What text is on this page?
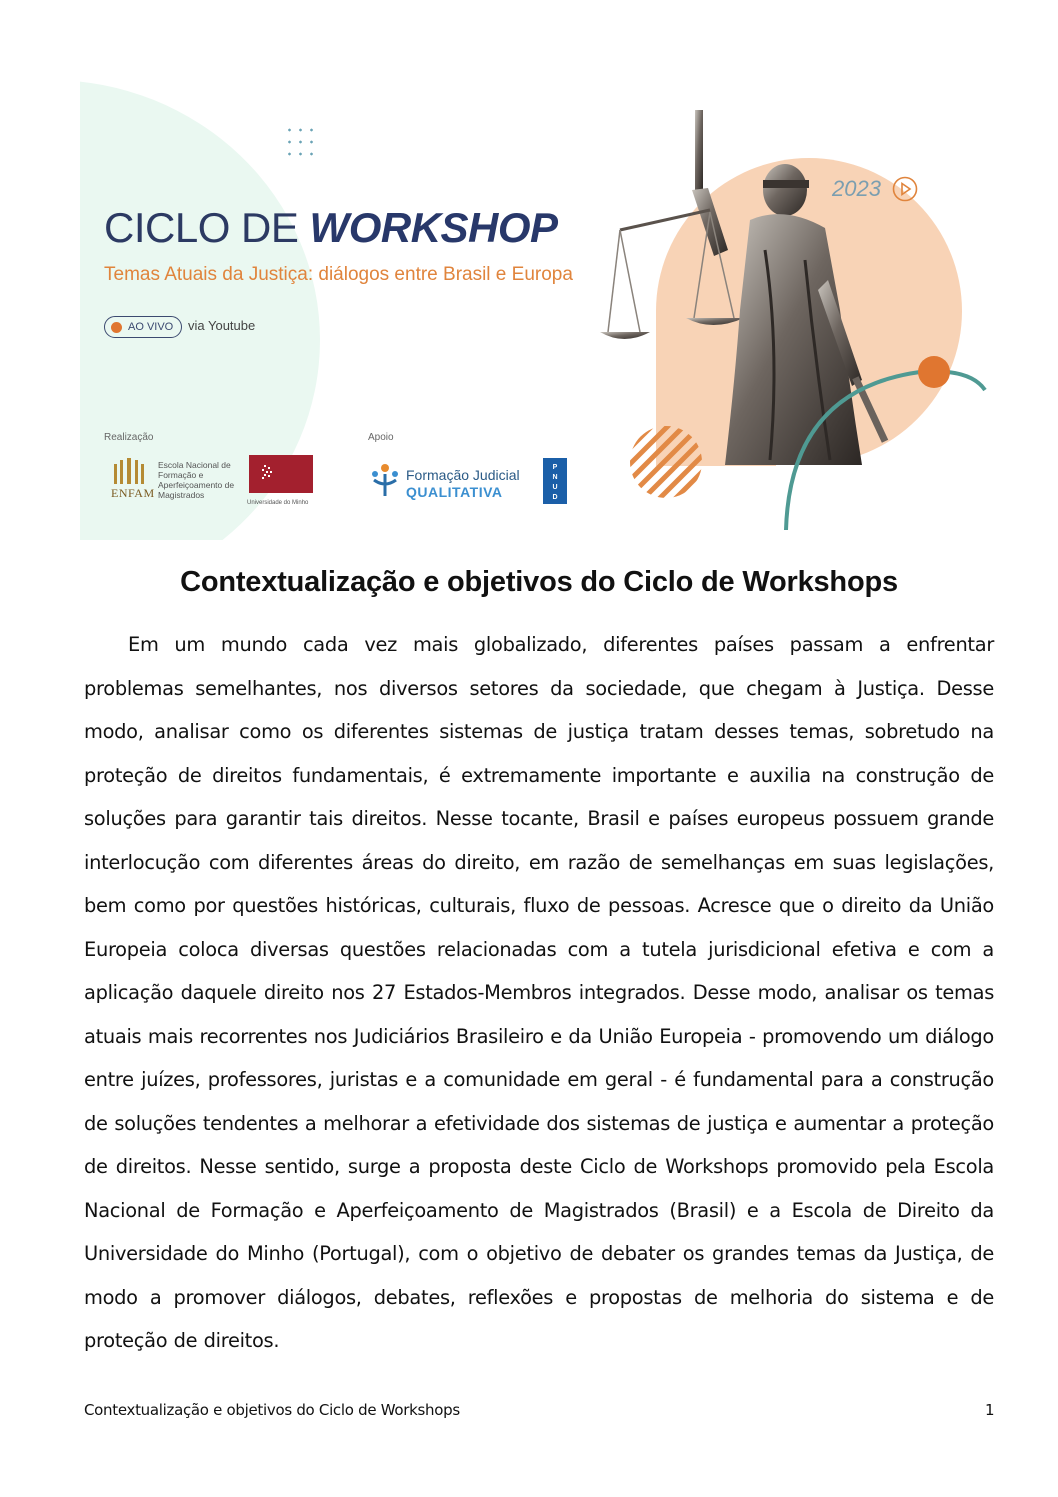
CICLO DE WORKSHOP
Temas Atuais da Justiça: diálogos entre Brasil e Europa
AO VIVO via Youtube
2023
Realização	Apoio
ENFAM
Escola Nacional de Formação e Aperfeiçoamento de Magistrados
Universidade do Minho
Formação Judicial
QUALITATIVA
P
N
U
D
Contextualização e objetivos do Ciclo de Workshops

Em um mundo cada vez mais globalizado, diferentes países passam a enfrentar problemas semelhantes, nos diversos setores da sociedade, que chegam à Justiça. Desse modo, analisar como os diferentes sistemas de justiça tratam desses temas, sobretudo na proteção de direitos fundamentais, é extremamente importante e auxilia na construção de soluções para garantir tais direitos. Nesse tocante, Brasil e países europeus possuem grande interlocução com diferentes áreas do direito, em razão de semelhanças em suas legislações, bem como por questões históricas, culturais, fluxo de pessoas. Acresce que o direito da União Europeia coloca diversas questões relacionadas com a tutela jurisdicional efetiva e com a aplicação daquele direito nos 27 Estados-Membros integrados. Desse modo, analisar os temas atuais mais recorrentes nos Judiciários Brasileiro e da União Europeia - promovendo um diálogo entre juízes, professores, juristas e a comunidade em geral - é fundamental para a construção de soluções tendentes a melhorar a efetividade dos sistemas de justiça e aumentar a proteção de direitos. Nesse sentido, surge a proposta deste Ciclo de Workshops promovido pela Escola Nacional de Formação e Aperfeiçoamento de Magistrados (Brasil) e a Escola de Direito da Universidade do Minho (Portugal), com o objetivo de debater os grandes temas da Justiça, de modo a promover diálogos, debates, reflexões e propostas de melhoria do sistema e de proteção de direitos.

Contextualização e objetivos do Ciclo de Workshops	1
